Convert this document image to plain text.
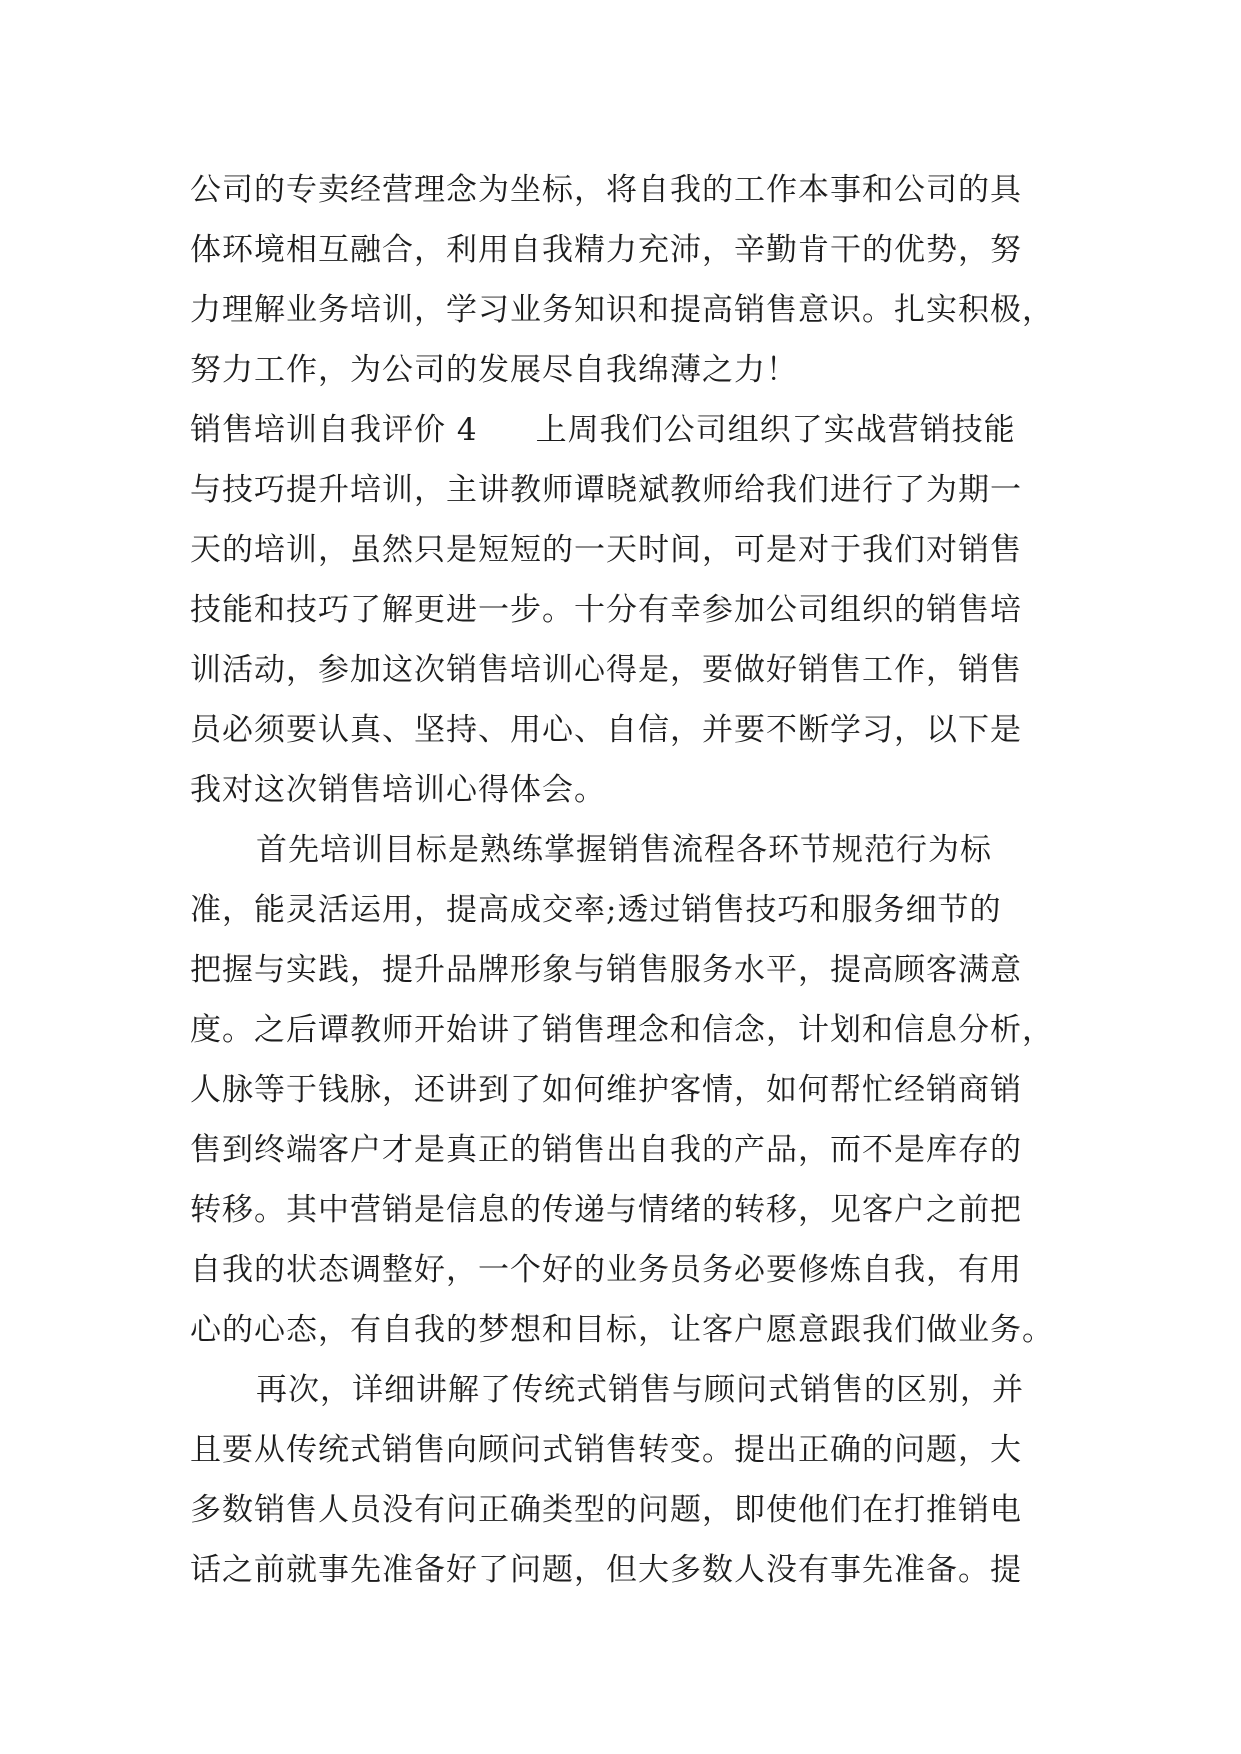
公司的专卖经营理念为坐标，将自我的工作本事和公司的具
体环境相互融合，利用自我精力充沛，辛勤肯干的优势，努
力理解业务培训，学习业务知识和提高销售意识。扎实积极，
努力工作，为公司的发展尽自我绵薄之力！
销售培训自我评价 4 上周我们公司组织了实战营销技能
与技巧提升培训，主讲教师谭晓斌教师给我们进行了为期一
天的培训，虽然只是短短的一天时间，可是对于我们对销售
技能和技巧了解更进一步。十分有幸参加公司组织的销售培
训活动，参加这次销售培训心得是，要做好销售工作，销售
员必须要认真、坚持、用心、自信，并要不断学习，以下是
我对这次销售培训心得体会。
首先培训目标是熟练掌握销售流程各环节规范行为标
准，能灵活运用，提高成交率;透过销售技巧和服务细节的
把握与实践，提升品牌形象与销售服务水平，提高顾客满意
度。之后谭教师开始讲了销售理念和信念，计划和信息分析，
人脉等于钱脉，还讲到了如何维护客情，如何帮忙经销商销
售到终端客户才是真正的销售出自我的产品，而不是库存的
转移。其中营销是信息的传递与情绪的转移，见客户之前把
自我的状态调整好，一个好的业务员务必要修炼自我，有用
心的心态，有自我的梦想和目标，让客户愿意跟我们做业务。
再次，详细讲解了传统式销售与顾问式销售的区别，并
且要从传统式销售向顾问式销售转变。提出正确的问题，大
多数销售人员没有问正确类型的问题，即使他们在打推销电
话之前就事先准备好了问题，但大多数人没有事先准备。提
